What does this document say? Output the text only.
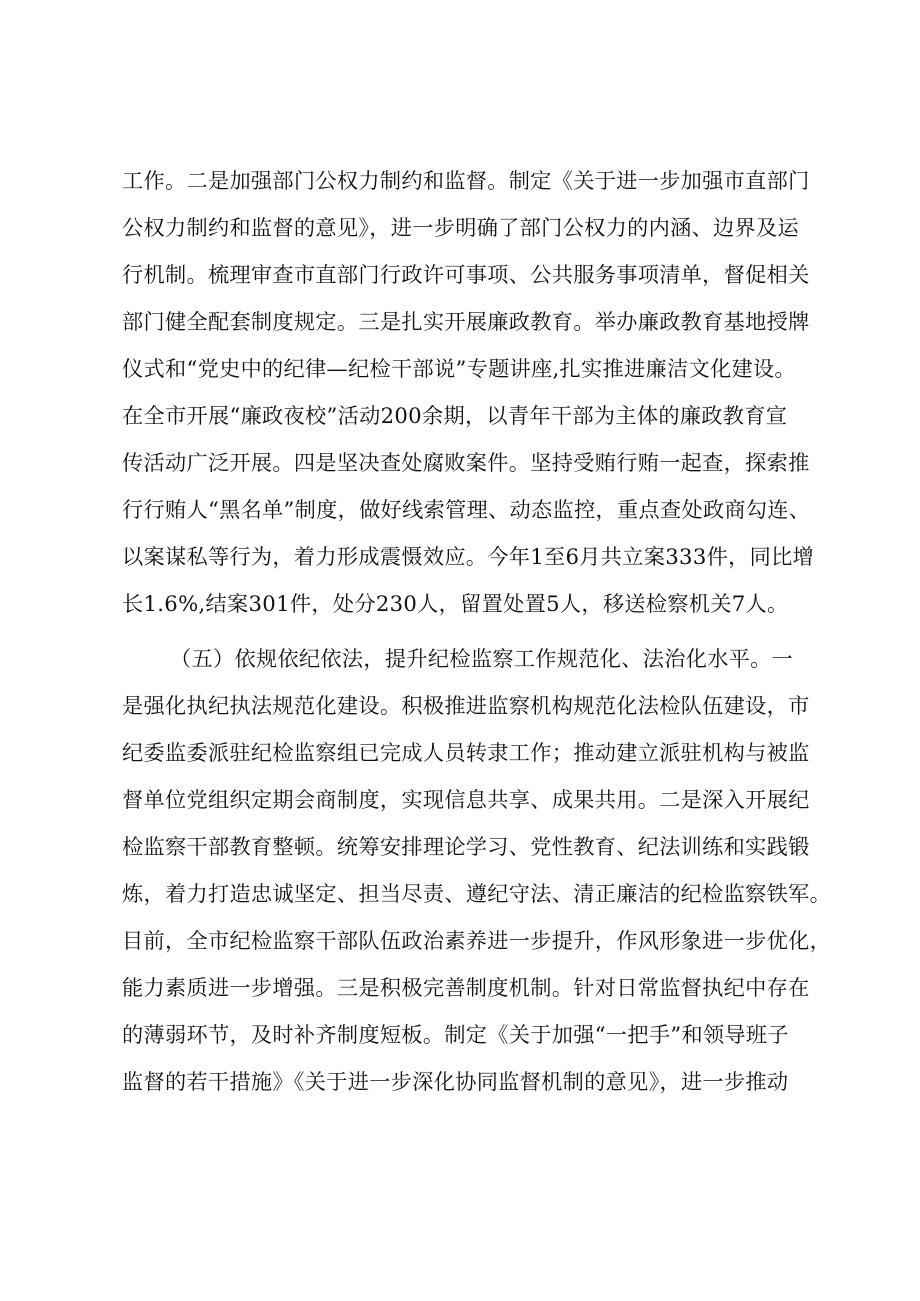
工作。二是加强部门公权力制约和监督。制定《关于进一步加强市直部门
公权力制约和监督的意见》，进一步明确了部门公权力的内涵、边界及运
行机制。梳理审查市直部门行政许可事项、公共服务事项清单，督促相关
部门健全配套制度规定。三是扎实开展廉政教育。举办廉政教育基地授牌
仪式和“党史中的纪律—纪检干部说”专题讲座,扎实推进廉洁文化建设。
在全市开展“廉政夜校”活动200余期，以青年干部为主体的廉政教育宣
传活动广泛开展。四是坚决查处腐败案件。坚持受贿行贿一起查，探索推
行行贿人“黑名单”制度，做好线索管理、动态监控，重点查处政商勾连、
以案谋私等行为，着力形成震慑效应。今年1至6月共立案333件，同比增
长1.6%,结案301件，处分230人，留置处置5人，移送检察机关7人。
（五）依规依纪依法，提升纪检监察工作规范化、法治化水平。一
是强化执纪执法规范化建设。积极推进监察机构规范化法检队伍建设，市
纪委监委派驻纪检监察组已完成人员转隶工作；推动建立派驻机构与被监
督单位党组织定期会商制度，实现信息共享、成果共用。二是深入开展纪
检监察干部教育整顿。统筹安排理论学习、党性教育、纪法训练和实践锻
炼，着力打造忠诚坚定、担当尽责、遵纪守法、清正廉洁的纪检监察铁军。
目前，全市纪检监察干部队伍政治素养进一步提升，作风形象进一步优化，
能力素质进一步增强。三是积极完善制度机制。针对日常监督执纪中存在
的薄弱环节，及时补齐制度短板。制定《关于加强“一把手”和领导班子
监督的若干措施》《关于进一步深化协同监督机制的意见》，进一步推动
